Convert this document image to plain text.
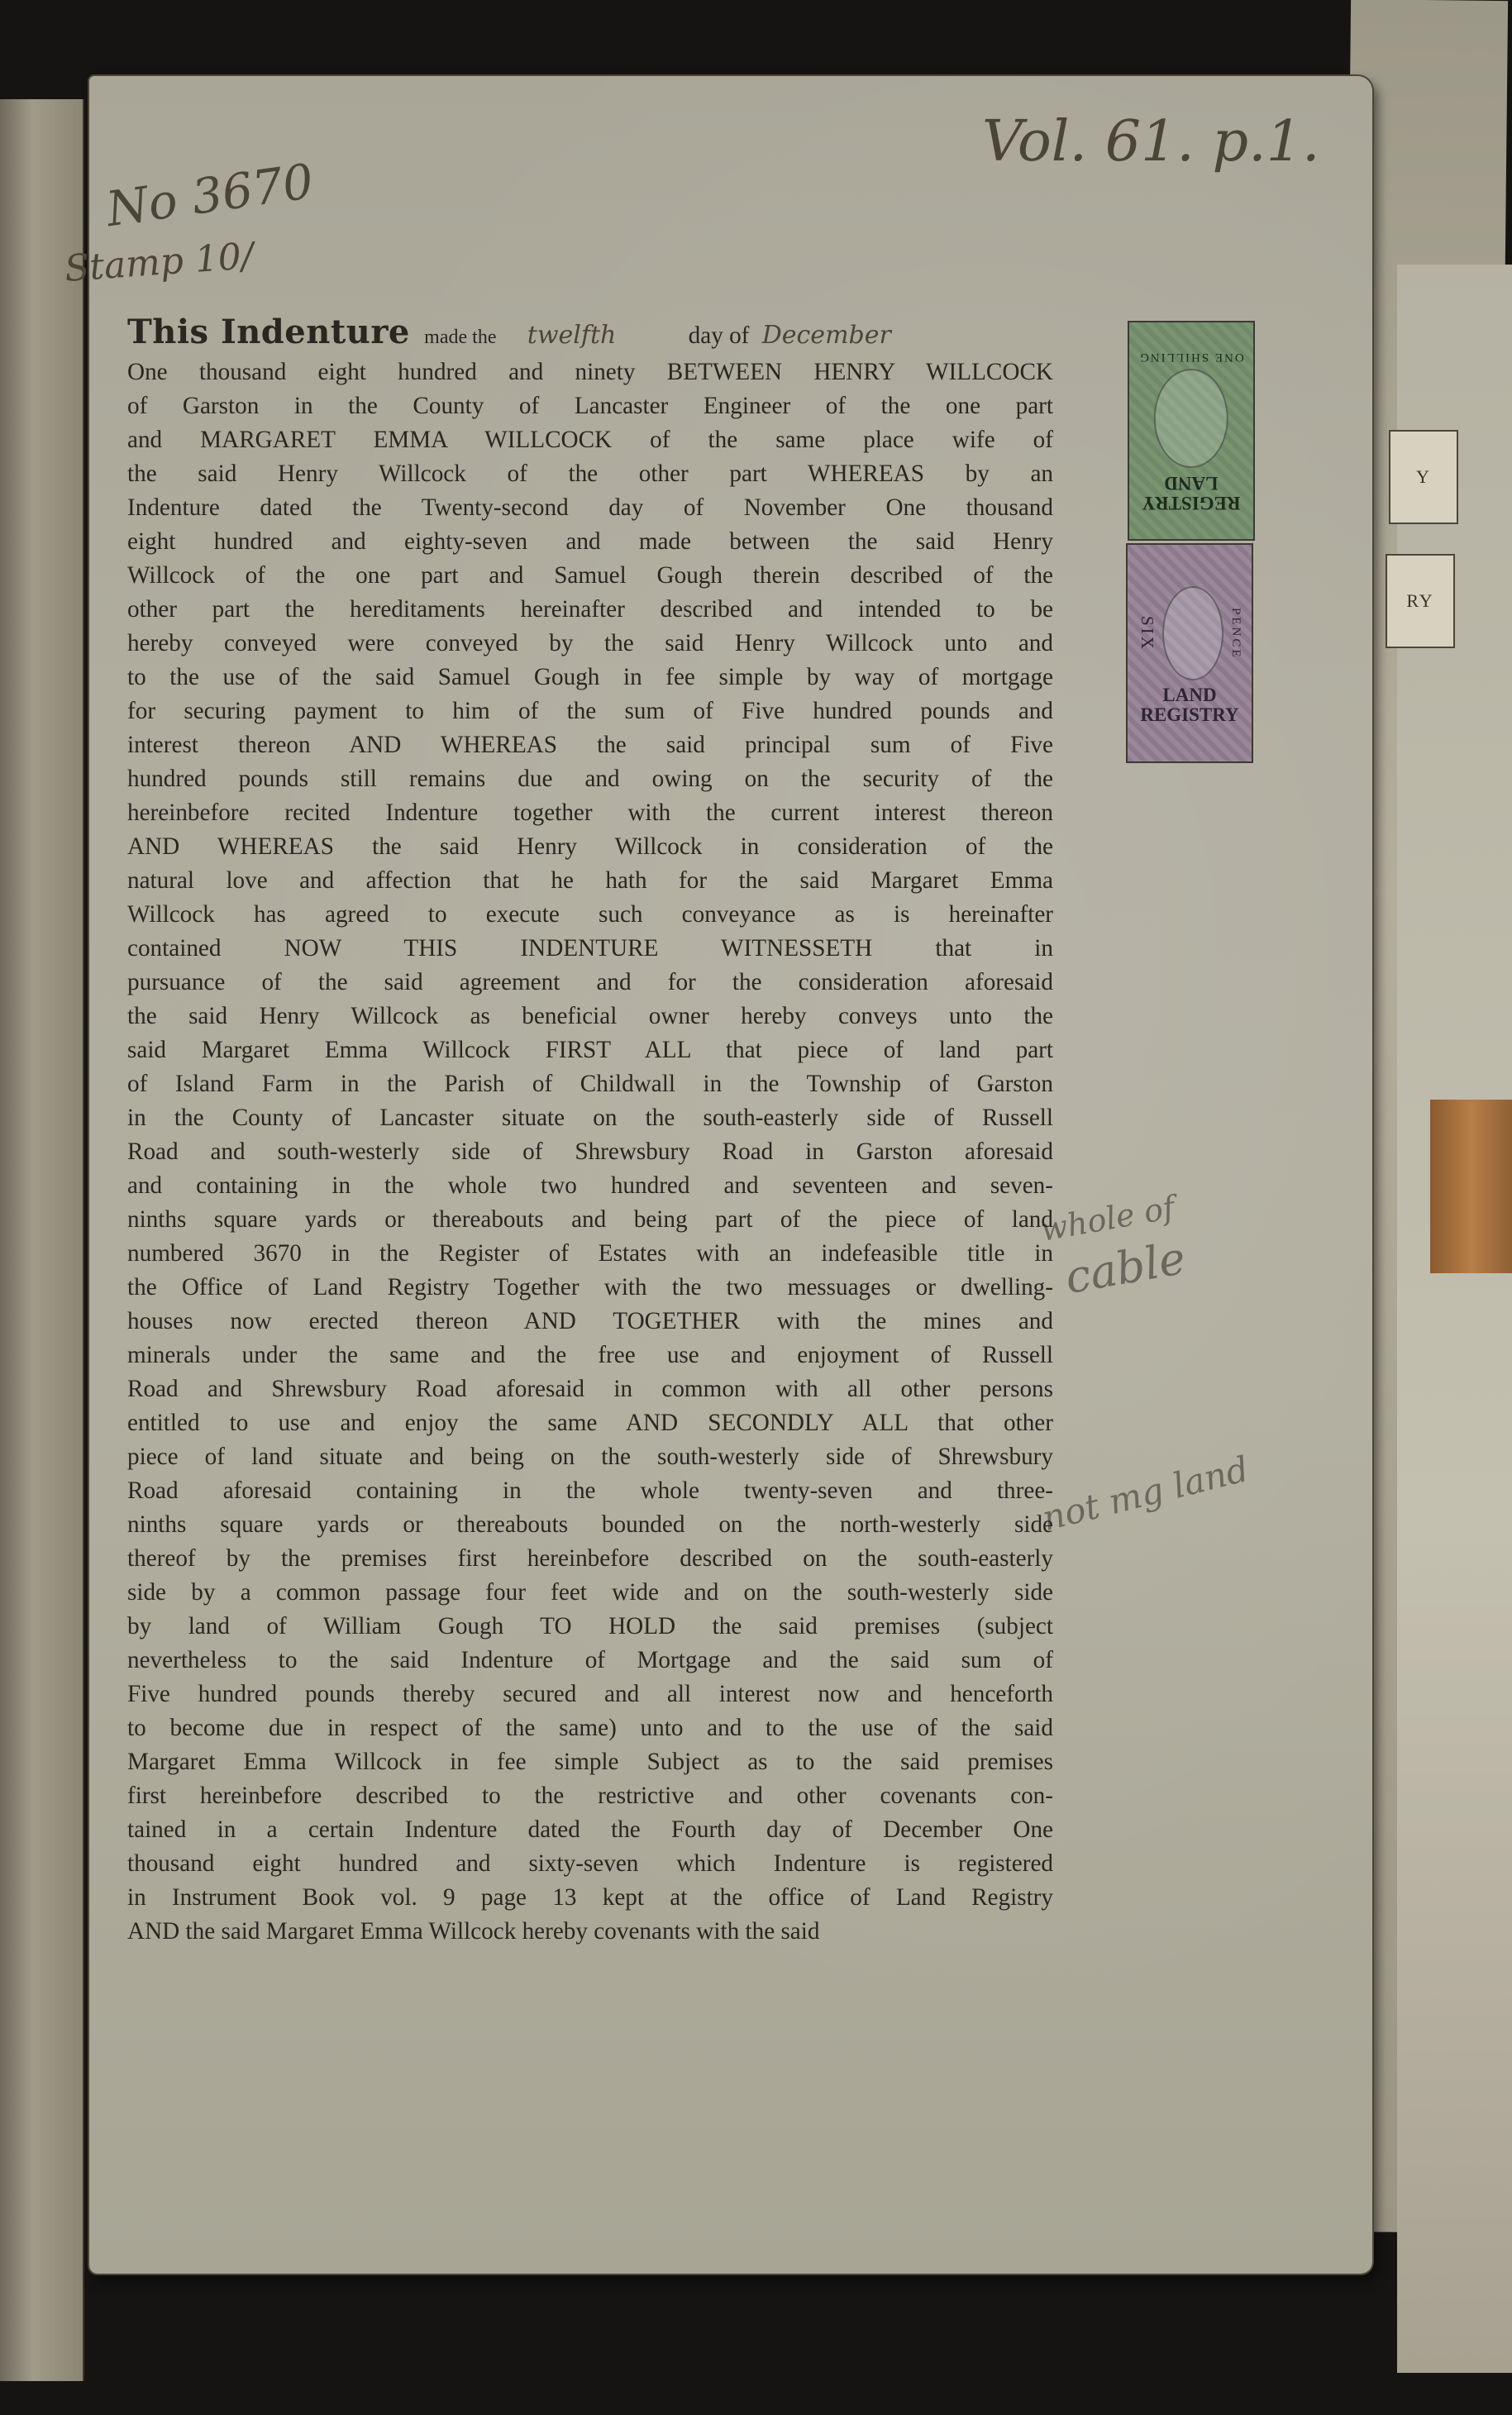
Y
RY
Vol. 61. p.1.
No 3670
Stamp 10/
REGISTRY
LAND
ONE SHILLING
SIX	PENCE
LAND
REGISTRY
whole of
cable
not mg land
This Indenture made the twelfth	day of December
One thousand eight hundred and ninety BETWEEN HENRY WILLCOCK
of Garston in the County of Lancaster Engineer of the one part
and MARGARET EMMA WILLCOCK of the same place wife of
the said Henry Willcock of the other part WHEREAS by an
Indenture dated the Twenty-second day of November One thousand
eight hundred and eighty-seven and made between the said Henry
Willcock of the one part and Samuel Gough therein described of the
other part the hereditaments hereinafter described and intended to be
hereby conveyed were conveyed by the said Henry Willcock unto and
to the use of the said Samuel Gough in fee simple by way of mortgage
for securing payment to him of the sum of Five hundred pounds and
interest thereon AND WHEREAS the said principal sum of Five
hundred pounds still remains due and owing on the security of the
hereinbefore recited Indenture together with the current interest thereon
AND WHEREAS the said Henry Willcock in consideration of the
natural love and affection that he hath for the said Margaret Emma
Willcock has agreed to execute such conveyance as is hereinafter
contained NOW THIS INDENTURE WITNESSETH that in
pursuance of the said agreement and for the consideration aforesaid
the said Henry Willcock as beneficial owner hereby conveys unto the
said Margaret Emma Willcock FIRST ALL that piece of land part
of Island Farm in the Parish of Childwall in the Township of Garston
in the County of Lancaster situate on the south-easterly side of Russell
Road and south-westerly side of Shrewsbury Road in Garston aforesaid
and containing in the whole two hundred and seventeen and seven-
ninths square yards or thereabouts and being part of the piece of land
numbered 3670 in the Register of Estates with an indefeasible title in
the Office of Land Registry Together with the two messuages or dwelling-
houses now erected thereon AND TOGETHER with the mines and
minerals under the same and the free use and enjoyment of Russell
Road and Shrewsbury Road aforesaid in common with all other persons
entitled to use and enjoy the same AND SECONDLY ALL that other
piece of land situate and being on the south-westerly side of Shrewsbury
Road aforesaid containing in the whole twenty-seven and three-
ninths square yards or thereabouts bounded on the north-westerly side
thereof by the premises first hereinbefore described on the south-easterly
side by a common passage four feet wide and on the south-westerly side
by land of William Gough TO HOLD the said premises (subject
nevertheless to the said Indenture of Mortgage and the said sum of
Five hundred pounds thereby secured and all interest now and henceforth
to become due in respect of the same) unto and to the use of the said
Margaret Emma Willcock in fee simple Subject as to the said premises
first hereinbefore described to the restrictive and other covenants con-
tained in a certain Indenture dated the Fourth day of December One
thousand eight hundred and sixty-seven which Indenture is registered
in Instrument Book vol. 9 page 13 kept at the office of Land Registry
AND the said Margaret Emma Willcock hereby covenants with the said
